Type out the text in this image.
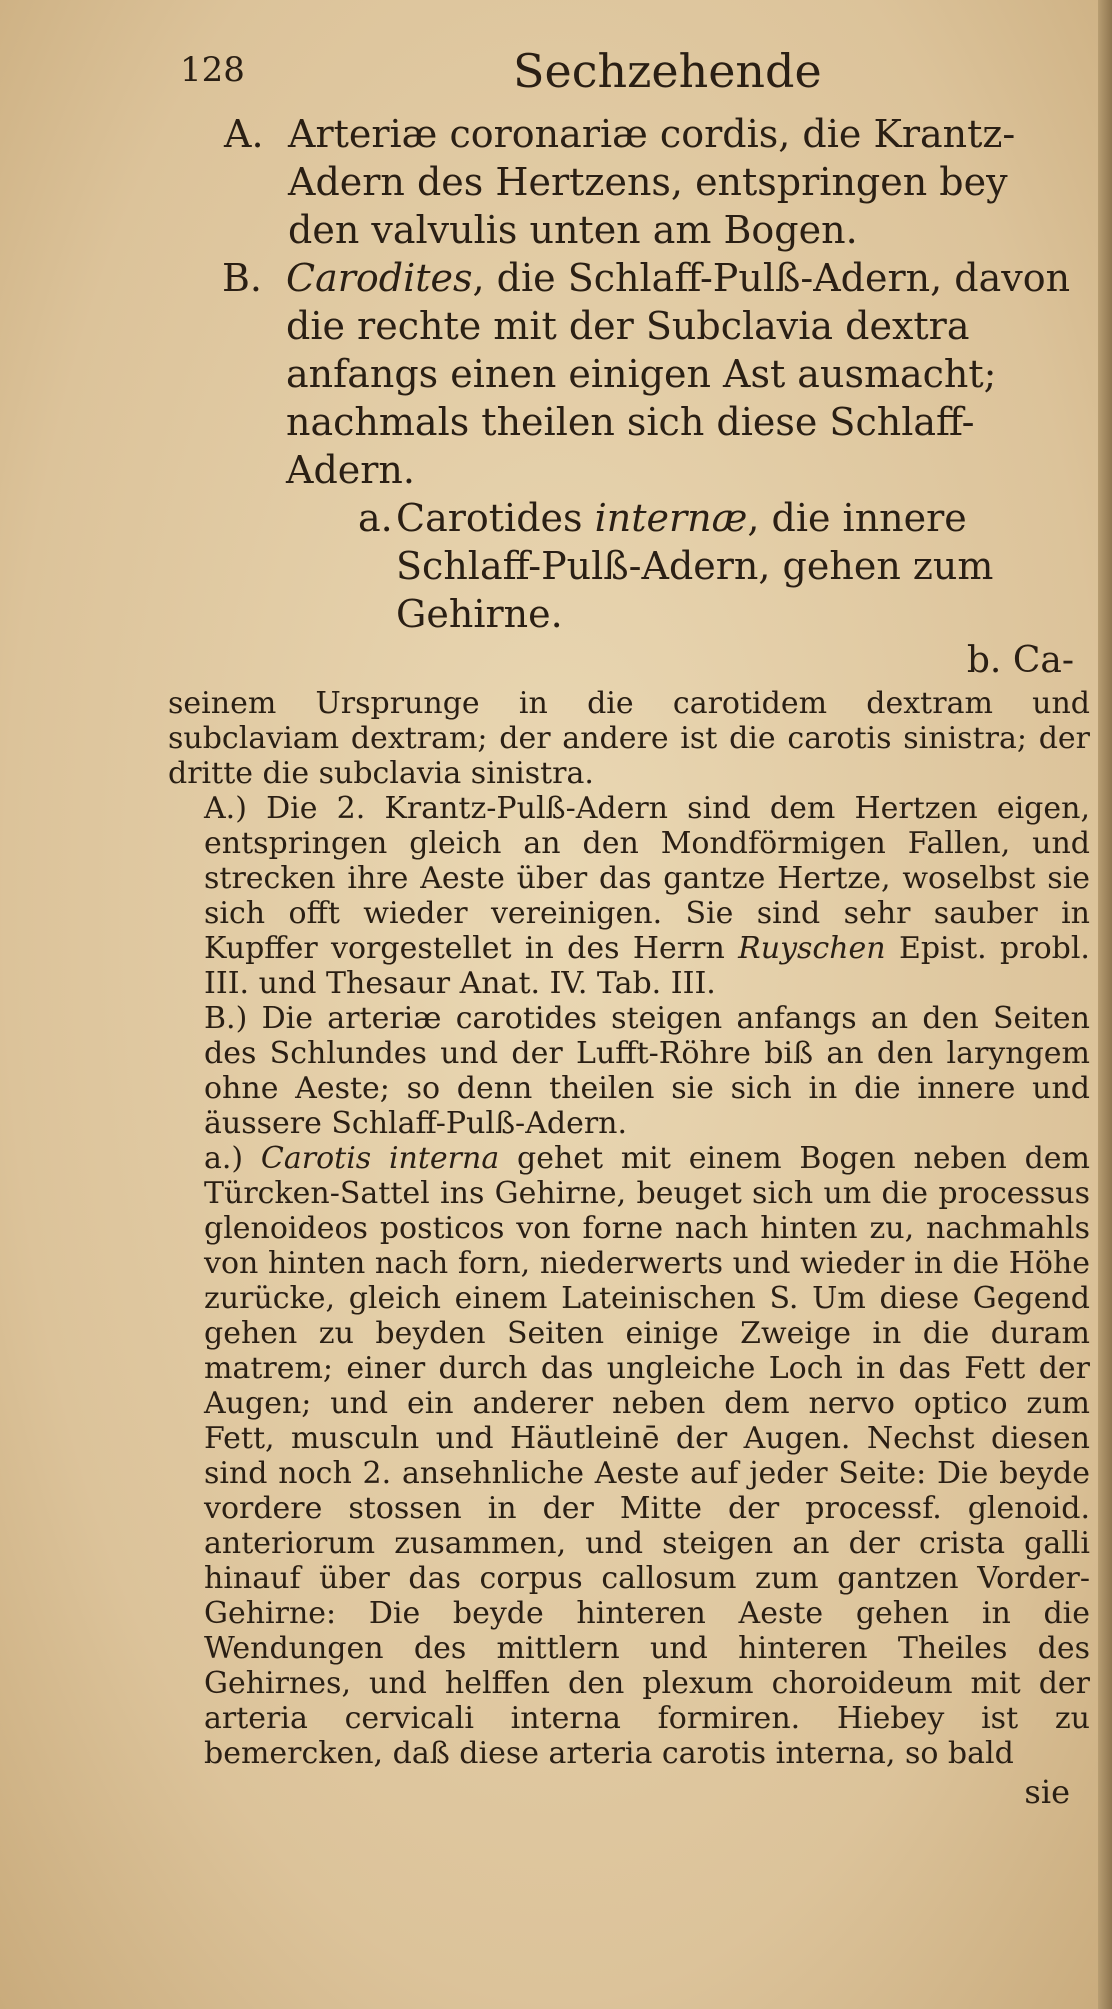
128	Sechzehende
A. Arteriæ coronariæ cordis, die Krantz-Adern des Hertzens, entspringen bey den valvulis unten am Bogen.
B. Carodites, die Schlaff-Pulß-Adern, davon die rechte mit der Subclavia dextra anfangs einen einigen Ast ausmacht; nachmals theilen sich diese Schlaff-Adern.
a. Carotides internæ, die innere Schlaff-Pulß-Adern, gehen zum Gehirne.
b. Ca-

seinem Ursprunge in die carotidem dextram und subclaviam dextram; der andere ist die carotis sinistra; der dritte die subclavia sinistra.

A.) Die 2. Krantz-Pulß-Adern sind dem Hertzen eigen, entspringen gleich an den Mondförmigen Fallen, und strecken ihre Aeste über das gantze Hertze, woselbst sie sich offt wieder vereinigen. Sie sind sehr sauber in Kupffer vorgestellet in des Herrn Ruyschen Epist. probl. III. und Thesaur Anat. IV. Tab. III.

B.) Die arteriæ carotides steigen anfangs an den Seiten des Schlundes und der Lufft-Röhre biß an den laryngem ohne Aeste; so denn theilen sie sich in die innere und äussere Schlaff-Pulß-Adern.

a.) Carotis interna gehet mit einem Bogen neben dem Türcken-Sattel ins Gehirne, beuget sich um die processus glenoideos posticos von forne nach hinten zu, nachmahls von hinten nach forn, niederwerts und wieder in die Höhe zurücke, gleich einem Lateinischen S. Um diese Gegend gehen zu beyden Seiten einige Zweige in die duram matrem; einer durch das ungleiche Loch in das Fett der Augen; und ein anderer neben dem nervo optico zum Fett, musculn und Häutleinē der Augen. Nechst diesen sind noch 2. ansehnliche Aeste auf jeder Seite: Die beyde vordere stossen in der Mitte der processf. glenoid. anteriorum zusammen, und steigen an der crista galli hinauf über das corpus callosum zum gantzen Vorder-Gehirne: Die beyde hinteren Aeste gehen in die Wendungen des mittlern und hinteren Theiles des Gehirnes, und helffen den plexum choroideum mit der arteria cervicali interna formiren. Hiebey ist zu bemercken, daß diese arteria carotis interna, so bald

sie
